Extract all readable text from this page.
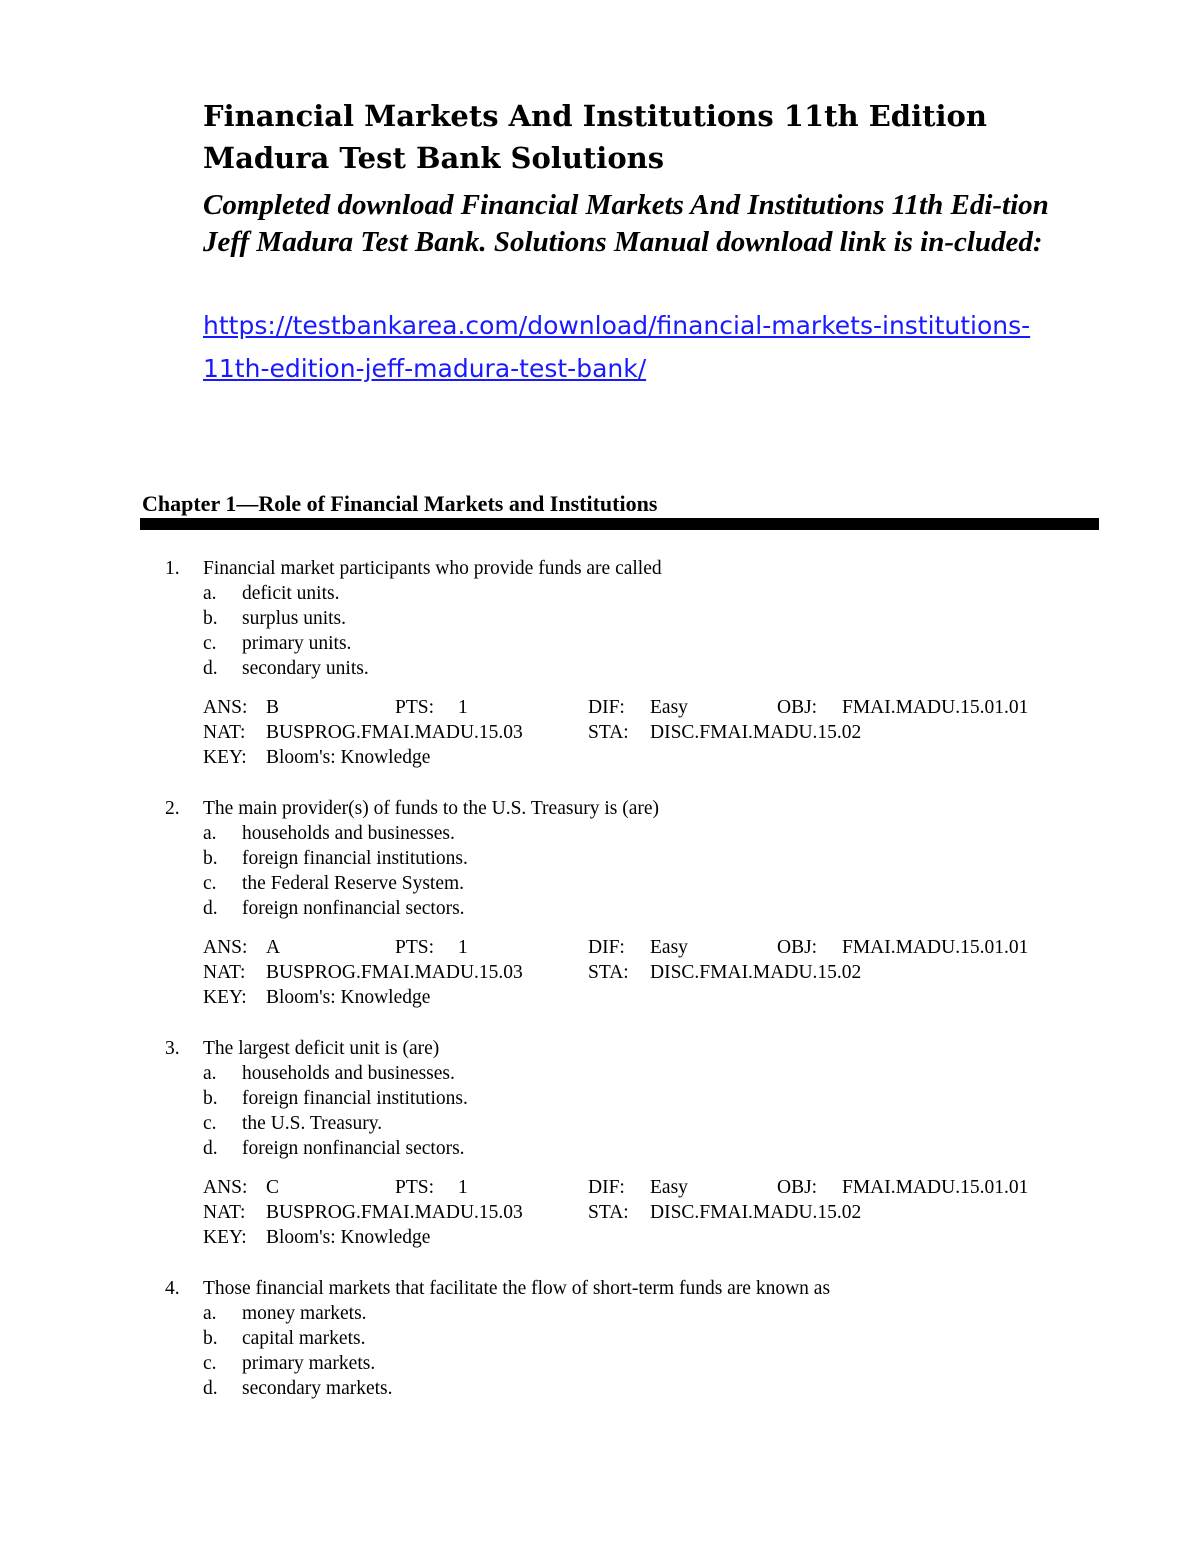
Financial Markets And Institutions 11th Edition Madura Test Bank Solutions

Completed download Financial Markets And Institutions 11th Edi-tion Jeff Madura Test Bank. Solutions Manual download link is in-cluded:

https://testbankarea.com/download/financial-markets-institutions-
11th-edition-jeff-madura-test-bank/
Chapter 1—Role of Financial Markets and Institutions
1.	Financial market participants who provide funds are called
a.	deficit units.
b.	surplus units.
c.	primary units.
d.	secondary units.
ANS: B	PTS: 1	DIF: Easy	OBJ: FMAI.MADU.15.01.01
NAT: BUSPROG.FMAI.MADU.15.03	STA: DISC.FMAI.MADU.15.02
KEY: Bloom's: Knowledge
2.	The main provider(s) of funds to the U.S. Treasury is (are)
a.	households and businesses.
b.	foreign financial institutions.
c.	the Federal Reserve System.
d.	foreign nonfinancial sectors.
ANS: A	PTS: 1	DIF: Easy	OBJ: FMAI.MADU.15.01.01
NAT: BUSPROG.FMAI.MADU.15.03	STA: DISC.FMAI.MADU.15.02
KEY: Bloom's: Knowledge
3.	The largest deficit unit is (are)
a.	households and businesses.
b.	foreign financial institutions.
c.	the U.S. Treasury.
d.	foreign nonfinancial sectors.
ANS: C	PTS: 1	DIF: Easy	OBJ: FMAI.MADU.15.01.01
NAT: BUSPROG.FMAI.MADU.15.03	STA: DISC.FMAI.MADU.15.02
KEY: Bloom's: Knowledge
4.	Those financial markets that facilitate the flow of short-term funds are known as
a.	money markets.
b.	capital markets.
c.	primary markets.
d.	secondary markets.
